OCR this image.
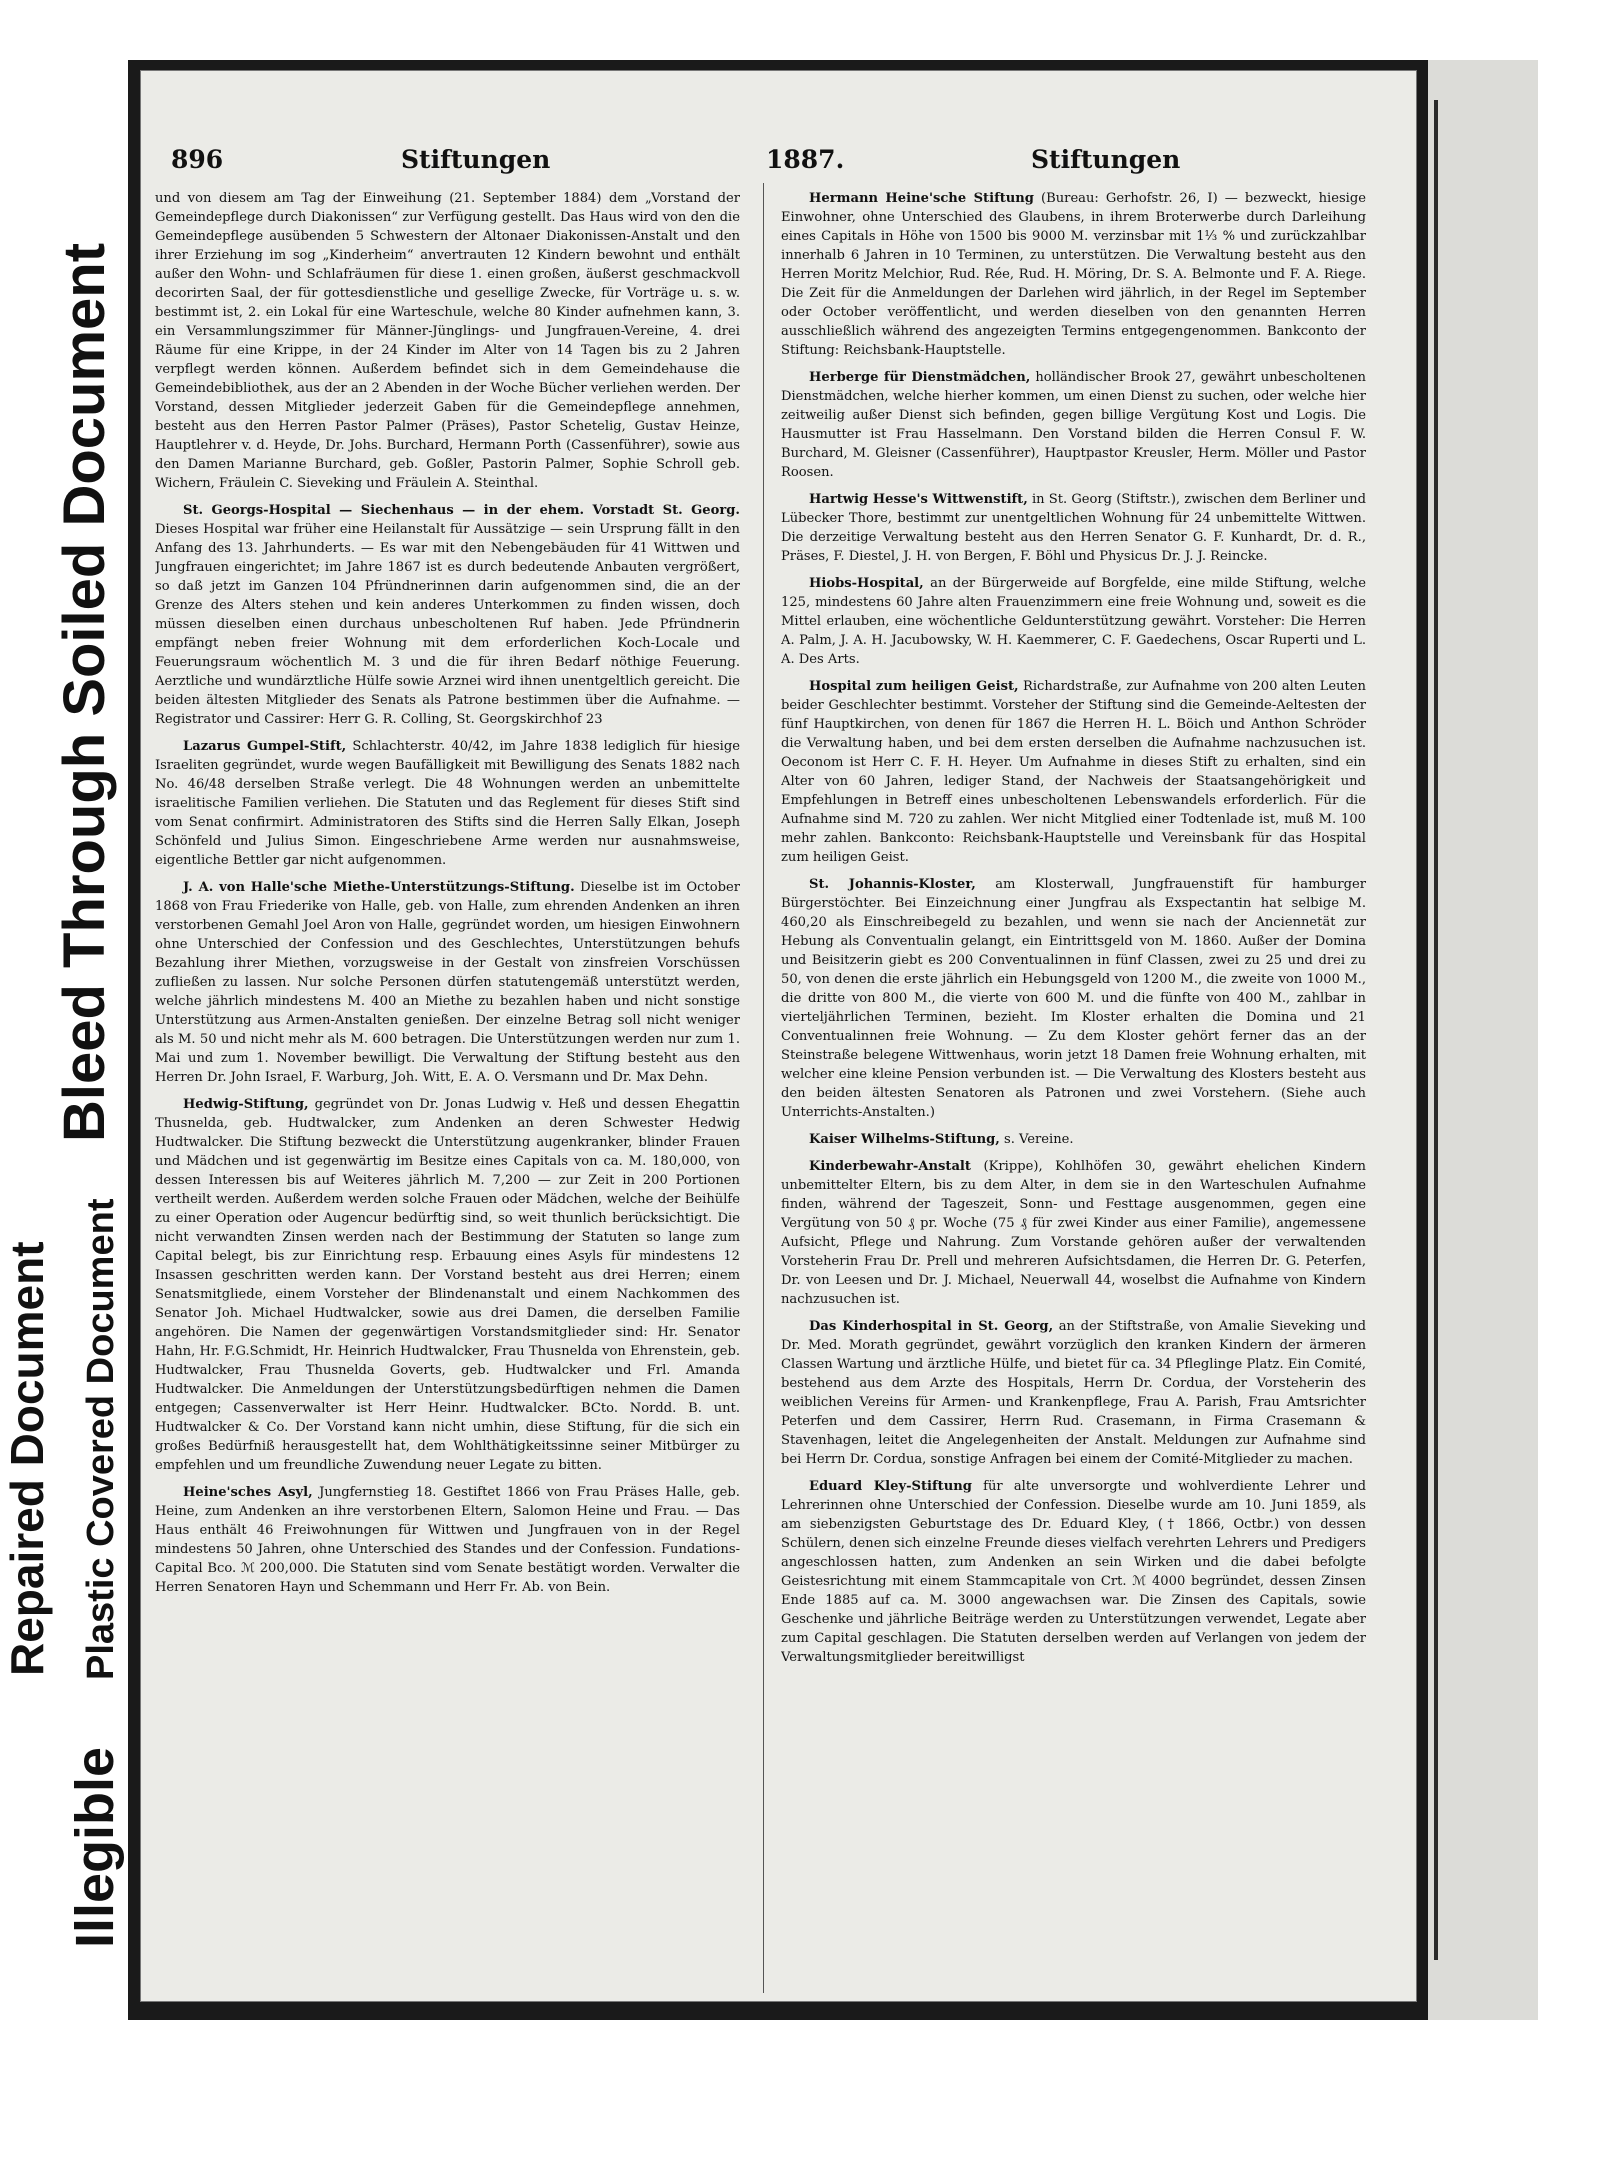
Illegible
Plastic Covered Document
Repaired Document
Bleed Through Soiled Document
896	Stiftungen	1887.	Stiftungen

und von diesem am Tag der Einweihung (21. September 1884) dem „Vorstand der Gemeindepflege durch Diakonissen“ zur Verfügung gestellt. Das Haus wird von den die Gemeindepflege ausübenden 5 Schwestern der Altonaer Diakonissen-Anstalt und den ihrer Erziehung im sog „Kinderheim“ anvertrauten 12 Kindern bewohnt und enthält außer den Wohn- und Schlafräumen für diese 1. einen großen, äußerst geschmackvoll decorirten Saal, der für gottesdienstliche und gesellige Zwecke, für Vorträge u. s. w. bestimmt ist, 2. ein Lokal für eine Warteschule, welche 80 Kinder aufnehmen kann, 3. ein Versammlungszimmer für Männer-Jünglings- und Jungfrauen-Vereine, 4. drei Räume für eine Krippe, in der 24 Kinder im Alter von 14 Tagen bis zu 2 Jahren verpflegt werden können. Außerdem befindet sich in dem Gemeindehause die Gemeindebibliothek, aus der an 2 Abenden in der Woche Bücher verliehen werden. Der Vorstand, dessen Mitglieder jederzeit Gaben für die Gemeindepflege annehmen, besteht aus den Herren Pastor Palmer (Präses), Pastor Schetelig, Gustav Heinze, Hauptlehrer v. d. Heyde, Dr. Johs. Burchard, Hermann Porth (Cassenführer), sowie aus den Damen Marianne Burchard, geb. Goßler, Pastorin Palmer, Sophie Schroll geb. Wichern, Fräulein C. Sieveking und Fräulein A. Steinthal.

St. Georgs-Hospital — Siechenhaus — in der ehem. Vorstadt St. Georg. Dieses Hospital war früher eine Heilanstalt für Aussätzige — sein Ursprung fällt in den Anfang des 13. Jahrhunderts. — Es war mit den Nebengebäuden für 41 Wittwen und Jungfrauen eingerichtet; im Jahre 1867 ist es durch bedeutende Anbauten vergrößert, so daß jetzt im Ganzen 104 Pfründnerinnen darin aufgenommen sind, die an der Grenze des Alters stehen und kein anderes Unterkommen zu finden wissen, doch müssen dieselben einen durchaus unbescholtenen Ruf haben. Jede Pfründnerin empfängt neben freier Wohnung mit dem erforderlichen Koch-Locale und Feuerungsraum wöchentlich M. 3 und die für ihren Bedarf nöthige Feuerung. Aerztliche und wundärztliche Hülfe sowie Arznei wird ihnen unentgeltlich gereicht. Die beiden ältesten Mitglieder des Senats als Patrone bestimmen über die Aufnahme. — Registrator und Cassirer: Herr G. R. Colling, St. Georgskirchhof 23

Lazarus Gumpel-Stift, Schlachterstr. 40/42, im Jahre 1838 lediglich für hiesige Israeliten gegründet, wurde wegen Baufälligkeit mit Bewilligung des Senats 1882 nach No. 46/48 derselben Straße verlegt. Die 48 Wohnungen werden an unbemittelte israelitische Familien verliehen. Die Statuten und das Reglement für dieses Stift sind vom Senat confirmirt. Administratoren des Stifts sind die Herren Sally Elkan, Joseph Schönfeld und Julius Simon. Eingeschriebene Arme werden nur ausnahmsweise, eigentliche Bettler gar nicht aufgenommen.

J. A. von Halle'sche Miethe-Unterstützungs-Stiftung. Dieselbe ist im October 1868 von Frau Friederike von Halle, geb. von Halle, zum ehrenden Andenken an ihren verstorbenen Gemahl Joel Aron von Halle, gegründet worden, um hiesigen Einwohnern ohne Unterschied der Confession und des Geschlechtes, Unterstützungen behufs Bezahlung ihrer Miethen, vorzugsweise in der Gestalt von zinsfreien Vorschüssen zufließen zu lassen. Nur solche Personen dürfen statutengemäß unterstützt werden, welche jährlich mindestens M. 400 an Miethe zu bezahlen haben und nicht sonstige Unterstützung aus Armen-Anstalten genießen. Der einzelne Betrag soll nicht weniger als M. 50 und nicht mehr als M. 600 betragen. Die Unterstützungen werden nur zum 1. Mai und zum 1. November bewilligt. Die Verwaltung der Stiftung besteht aus den Herren Dr. John Israel, F. Warburg, Joh. Witt, E. A. O. Versmann und Dr. Max Dehn.

Hedwig-Stiftung, gegründet von Dr. Jonas Ludwig v. Heß und dessen Ehegattin Thusnelda, geb. Hudtwalcker, zum Andenken an deren Schwester Hedwig Hudtwalcker. Die Stiftung bezweckt die Unterstützung augenkranker, blinder Frauen und Mädchen und ist gegenwärtig im Besitze eines Capitals von ca. M. 180,000, von dessen Interessen bis auf Weiteres jährlich M. 7,200 — zur Zeit in 200 Portionen vertheilt werden. Außerdem werden solche Frauen oder Mädchen, welche der Beihülfe zu einer Operation oder Augencur bedürftig sind, so weit thunlich berücksichtigt. Die nicht verwandten Zinsen werden nach der Bestimmung der Statuten so lange zum Capital belegt, bis zur Einrichtung resp. Erbauung eines Asyls für mindestens 12 Insassen geschritten werden kann. Der Vorstand besteht aus drei Herren; einem Senatsmitgliede, einem Vorsteher der Blindenanstalt und einem Nachkommen des Senator Joh. Michael Hudtwalcker, sowie aus drei Damen, die derselben Familie angehören. Die Namen der gegenwärtigen Vorstandsmitglieder sind: Hr. Senator Hahn, Hr. F.G.Schmidt, Hr. Heinrich Hudtwalcker, Frau Thusnelda von Ehrenstein, geb. Hudtwalcker, Frau Thusnelda Goverts, geb. Hudtwalcker und Frl. Amanda Hudtwalcker. Die Anmeldungen der Unterstützungsbedürftigen nehmen die Damen entgegen; Cassenverwalter ist Herr Heinr. Hudtwalcker. BCto. Nordd. B. unt. Hudtwalcker & Co. Der Vorstand kann nicht umhin, diese Stiftung, für die sich ein großes Bedürfniß herausgestellt hat, dem Wohlthätigkeitssinne seiner Mitbürger zu empfehlen und um freundliche Zuwendung neuer Legate zu bitten.

Heine'sches Asyl, Jungfernstieg 18. Gestiftet 1866 von Frau Präses Halle, geb. Heine, zum Andenken an ihre verstorbenen Eltern, Salomon Heine und Frau. — Das Haus enthält 46 Freiwohnungen für Wittwen und Jungfrauen von in der Regel mindestens 50 Jahren, ohne Unterschied des Standes und der Confession. Fundations-Capital Bco. ℳ 200,000. Die Statuten sind vom Senate bestätigt worden. Verwalter die Herren Senatoren Hayn und Schemmann und Herr Fr. Ab. von Bein.

Hermann Heine'sche Stiftung (Bureau: Gerhofstr. 26, I) — bezweckt, hiesige Einwohner, ohne Unterschied des Glaubens, in ihrem Broterwerbe durch Darleihung eines Capitals in Höhe von 1500 bis 9000 M. verzinsbar mit 1⅓ % und zurückzahlbar innerhalb 6 Jahren in 10 Terminen, zu unterstützen. Die Verwaltung besteht aus den Herren Moritz Melchior, Rud. Rée, Rud. H. Möring, Dr. S. A. Belmonte und F. A. Riege. Die Zeit für die Anmeldungen der Darlehen wird jährlich, in der Regel im September oder October veröffentlicht, und werden dieselben von den genannten Herren ausschließlich während des angezeigten Termins entgegengenommen. Bankconto der Stiftung: Reichsbank-Hauptstelle.

Herberge für Dienstmädchen, holländischer Brook 27, gewährt unbescholtenen Dienstmädchen, welche hierher kommen, um einen Dienst zu suchen, oder welche hier zeitweilig außer Dienst sich befinden, gegen billige Vergütung Kost und Logis. Die Hausmutter ist Frau Hasselmann. Den Vorstand bilden die Herren Consul F. W. Burchard, M. Gleisner (Cassenführer), Hauptpastor Kreusler, Herm. Möller und Pastor Roosen.

Hartwig Hesse's Wittwenstift, in St. Georg (Stiftstr.), zwischen dem Berliner und Lübecker Thore, bestimmt zur unentgeltlichen Wohnung für 24 unbemittelte Wittwen. Die derzeitige Verwaltung besteht aus den Herren Senator G. F. Kunhardt, Dr. d. R., Präses, F. Diestel, J. H. von Bergen, F. Böhl und Physicus Dr. J. J. Reincke.

Hiobs-Hospital, an der Bürgerweide auf Borgfelde, eine milde Stiftung, welche 125, mindestens 60 Jahre alten Frauenzimmern eine freie Wohnung und, soweit es die Mittel erlauben, eine wöchentliche Geldunterstützung gewährt. Vorsteher: Die Herren A. Palm, J. A. H. Jacubowsky, W. H. Kaemmerer, C. F. Gaedechens, Oscar Ruperti und L. A. Des Arts.

Hospital zum heiligen Geist, Richardstraße, zur Aufnahme von 200 alten Leuten beider Geschlechter bestimmt. Vorsteher der Stiftung sind die Gemeinde-Aeltesten der fünf Hauptkirchen, von denen für 1867 die Herren H. L. Böich und Anthon Schröder die Verwaltung haben, und bei dem ersten derselben die Aufnahme nachzusuchen ist. Oeconom ist Herr C. F. H. Heyer. Um Aufnahme in dieses Stift zu erhalten, sind ein Alter von 60 Jahren, lediger Stand, der Nachweis der Staatsangehörigkeit und Empfehlungen in Betreff eines unbescholtenen Lebenswandels erforderlich. Für die Aufnahme sind M. 720 zu zahlen. Wer nicht Mitglied einer Todtenlade ist, muß M. 100 mehr zahlen. Bankconto: Reichsbank-Hauptstelle und Vereinsbank für das Hospital zum heiligen Geist.

St. Johannis-Kloster, am Klosterwall, Jungfrauenstift für hamburger Bürgerstöchter. Bei Einzeichnung einer Jungfrau als Exspectantin hat selbige M. 460,20 als Einschreibegeld zu bezahlen, und wenn sie nach der Anciennetät zur Hebung als Conventualin gelangt, ein Eintrittsgeld von M. 1860. Außer der Domina und Beisitzerin giebt es 200 Conventualinnen in fünf Classen, zwei zu 25 und drei zu 50, von denen die erste jährlich ein Hebungsgeld von 1200 M., die zweite von 1000 M., die dritte von 800 M., die vierte von 600 M. und die fünfte von 400 M., zahlbar in vierteljährlichen Terminen, bezieht. Im Kloster erhalten die Domina und 21 Conventualinnen freie Wohnung. — Zu dem Kloster gehört ferner das an der Steinstraße belegene Wittwenhaus, worin jetzt 18 Damen freie Wohnung erhalten, mit welcher eine kleine Pension verbunden ist. — Die Verwaltung des Klosters besteht aus den beiden ältesten Senatoren als Patronen und zwei Vorstehern. (Siehe auch Unterrichts-Anstalten.)

Kaiser Wilhelms-Stiftung, s. Vereine.

Kinderbewahr-Anstalt (Krippe), Kohlhöfen 30, gewährt ehelichen Kindern unbemittelter Eltern, bis zu dem Alter, in dem sie in den Warteschulen Aufnahme finden, während der Tageszeit, Sonn- und Festtage ausgenommen, gegen eine Vergütung von 50 ₰ pr. Woche (75 ₰ für zwei Kinder aus einer Familie), angemessene Aufsicht, Pflege und Nahrung. Zum Vorstande gehören außer der verwaltenden Vorsteherin Frau Dr. Prell und mehreren Aufsichtsdamen, die Herren Dr. G. Peterfen, Dr. von Leesen und Dr. J. Michael, Neuerwall 44, woselbst die Aufnahme von Kindern nachzusuchen ist.

Das Kinderhospital in St. Georg, an der Stiftstraße, von Amalie Sieveking und Dr. Med. Morath gegründet, gewährt vorzüglich den kranken Kindern der ärmeren Classen Wartung und ärztliche Hülfe, und bietet für ca. 34 Pfleglinge Platz. Ein Comité, bestehend aus dem Arzte des Hospitals, Herrn Dr. Cordua, der Vorsteherin des weiblichen Vereins für Armen- und Krankenpflege, Frau A. Parish, Frau Amtsrichter Peterfen und dem Cassirer, Herrn Rud. Crasemann, in Firma Crasemann & Stavenhagen, leitet die Angelegenheiten der Anstalt. Meldungen zur Aufnahme sind bei Herrn Dr. Cordua, sonstige Anfragen bei einem der Comité-Mitglieder zu machen.

Eduard Kley-Stiftung für alte unversorgte und wohlverdiente Lehrer und Lehrerinnen ohne Unterschied der Confession. Dieselbe wurde am 10. Juni 1859, als am siebenzigsten Geburtstage des Dr. Eduard Kley, († 1866, Octbr.) von dessen Schülern, denen sich einzelne Freunde dieses vielfach verehrten Lehrers und Predigers angeschlossen hatten, zum Andenken an sein Wirken und die dabei befolgte Geistesrichtung mit einem Stammcapitale von Crt. ℳ 4000 begründet, dessen Zinsen Ende 1885 auf ca. M. 3000 angewachsen war. Die Zinsen des Capitals, sowie Geschenke und jährliche Beiträge werden zu Unterstützungen verwendet, Legate aber zum Capital geschlagen. Die Statuten derselben werden auf Verlangen von jedem der Verwaltungsmitglieder bereitwilligst
